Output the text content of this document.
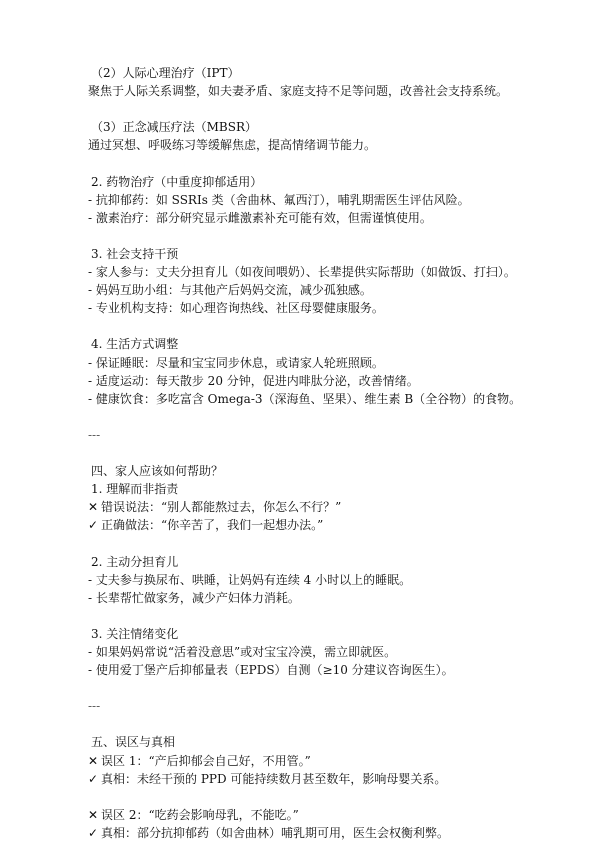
（2）人际心理治疗（IPT）
聚焦于人际关系调整，如夫妻矛盾、家庭支持不足等问题，改善社会支持系统。
（3）正念减压疗法（MBSR）
通过冥想、呼吸练习等缓解焦虑，提高情绪调节能力。
2. 药物治疗（中重度抑郁适用）
- 抗抑郁药：如 SSRIs 类（舍曲林、氟西汀），哺乳期需医生评估风险。
- 激素治疗：部分研究显示雌激素补充可能有效，但需谨慎使用。
3. 社会支持干预
- 家人参与：丈夫分担育儿（如夜间喂奶）、长辈提供实际帮助（如做饭、打扫）。
- 妈妈互助小组：与其他产后妈妈交流，减少孤独感。
- 专业机构支持：如心理咨询热线、社区母婴健康服务。
4. 生活方式调整
- 保证睡眠：尽量和宝宝同步休息，或请家人轮班照顾。
- 适度运动：每天散步 20 分钟，促进内啡肽分泌，改善情绪。
- 健康饮食：多吃富含 Omega-3（深海鱼、坚果）、维生素 B（全谷物）的食物。
---
四、家人应该如何帮助？
1. 理解而非指责
✕ 错误说法：“别人都能熬过去，你怎么不行？”
✓ 正确做法：“你辛苦了，我们一起想办法。”
2. 主动分担育儿
- 丈夫参与换尿布、哄睡，让妈妈有连续 4 小时以上的睡眠。
- 长辈帮忙做家务，减少产妇体力消耗。
3. 关注情绪变化
- 如果妈妈常说“活着没意思”或对宝宝冷漠，需立即就医。
- 使用爱丁堡产后抑郁量表（EPDS）自测（≥10 分建议咨询医生）。
---
五、误区与真相
✕ 误区 1：“产后抑郁会自己好，不用管。”
✓ 真相：未经干预的 PPD 可能持续数月甚至数年，影响母婴关系。
✕ 误区 2：“吃药会影响母乳，不能吃。”
✓ 真相：部分抗抑郁药（如舍曲林）哺乳期可用，医生会权衡利弊。
